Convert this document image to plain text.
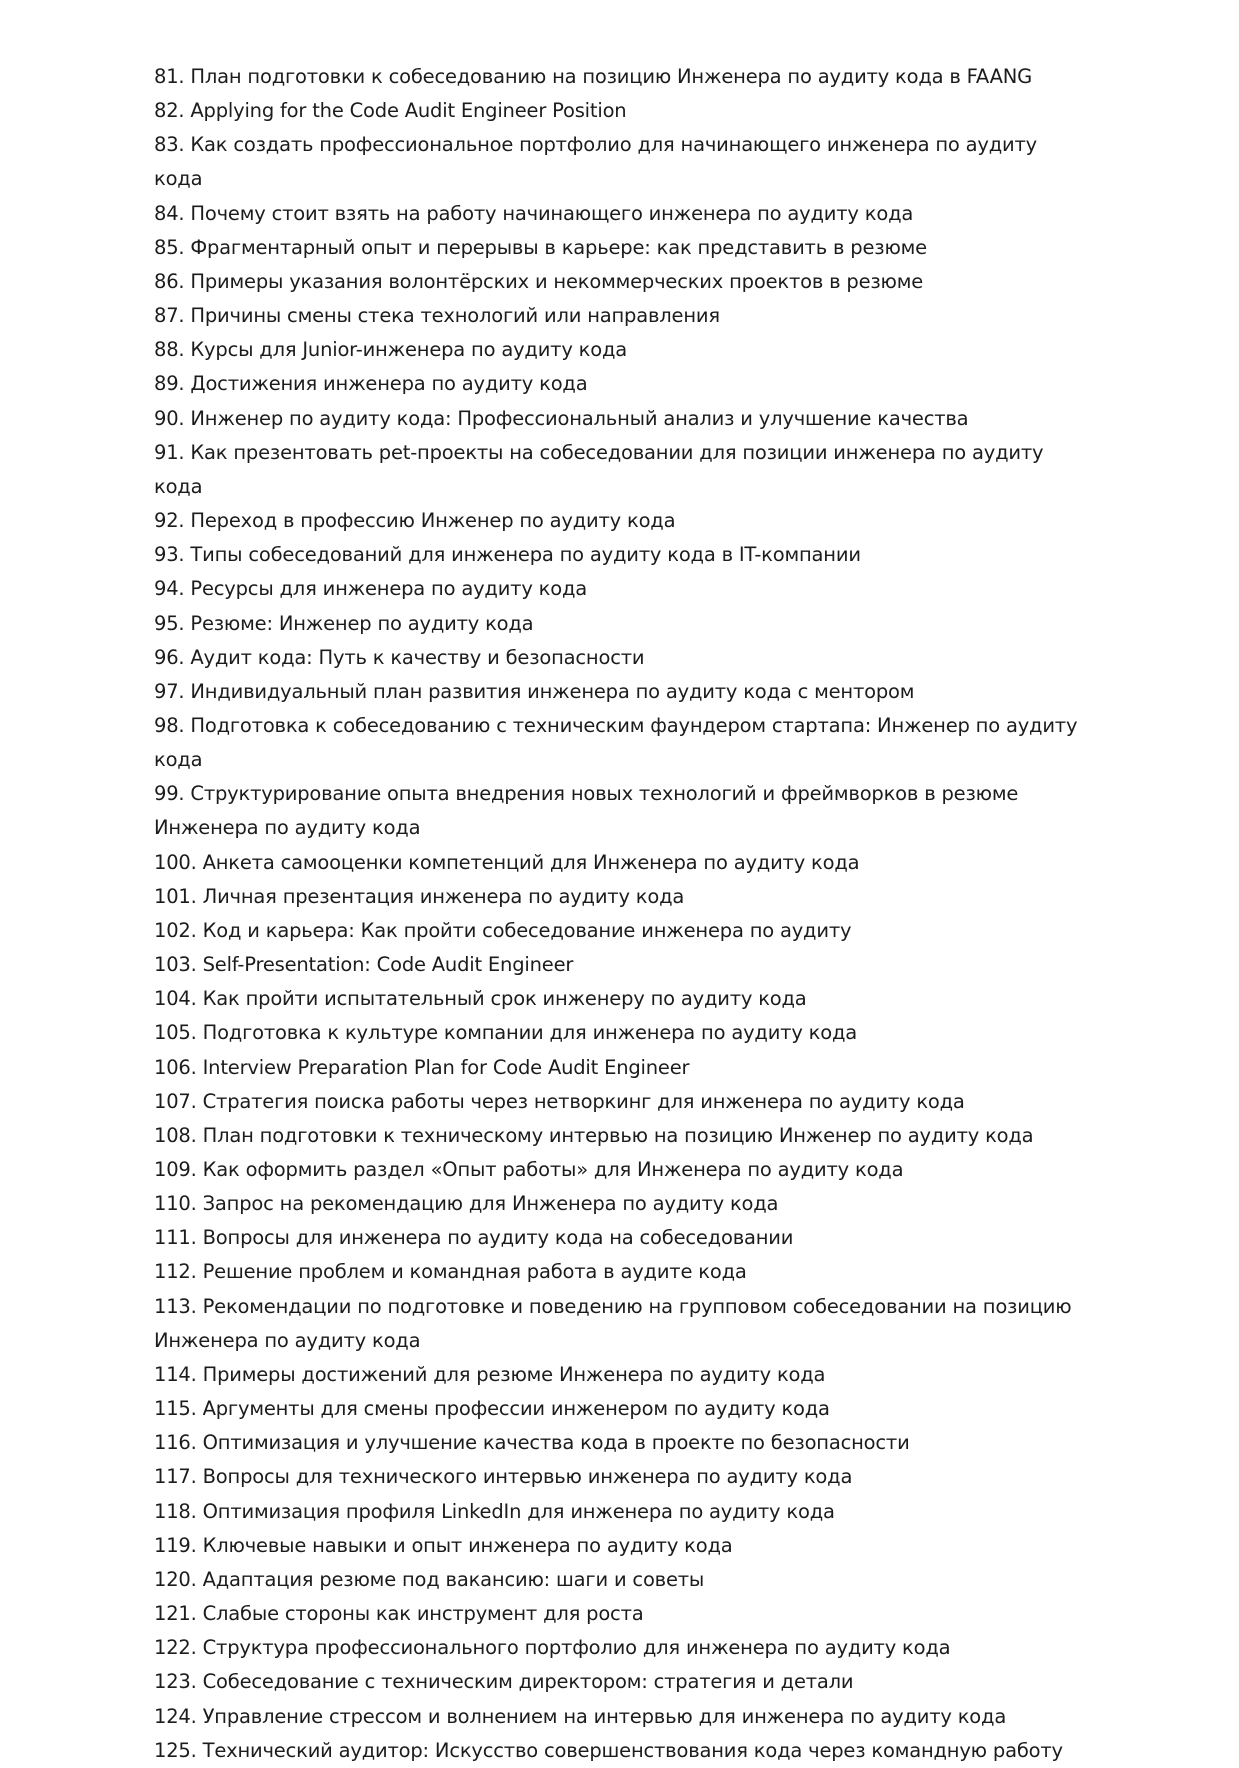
81. План подготовки к собеседованию на позицию Инженера по аудиту кода в FAANG
82. Applying for the Code Audit Engineer Position
83. Как создать профессиональное портфолио для начинающего инженера по аудиту кода
84. Почему стоит взять на работу начинающего инженера по аудиту кода
85. Фрагментарный опыт и перерывы в карьере: как представить в резюме
86. Примеры указания волонтёрских и некоммерческих проектов в резюме
87. Причины смены стека технологий или направления
88. Курсы для Junior-инженера по аудиту кода
89. Достижения инженера по аудиту кода
90. Инженер по аудиту кода: Профессиональный анализ и улучшение качества
91. Как презентовать pet-проекты на собеседовании для позиции инженера по аудиту кода
92. Переход в профессию Инженер по аудиту кода
93. Типы собеседований для инженера по аудиту кода в IT-компании
94. Ресурсы для инженера по аудиту кода
95. Резюме: Инженер по аудиту кода
96. Аудит кода: Путь к качеству и безопасности
97. Индивидуальный план развития инженера по аудиту кода с ментором
98. Подготовка к собеседованию с техническим фаундером стартапа: Инженер по аудиту кода
99. Структурирование опыта внедрения новых технологий и фреймворков в резюме Инженера по аудиту кода
100. Анкета самооценки компетенций для Инженера по аудиту кода
101. Личная презентация инженера по аудиту кода
102. Код и карьера: Как пройти собеседование инженера по аудиту
103. Self-Presentation: Code Audit Engineer
104. Как пройти испытательный срок инженеру по аудиту кода
105. Подготовка к культуре компании для инженера по аудиту кода
106. Interview Preparation Plan for Code Audit Engineer
107. Стратегия поиска работы через нетворкинг для инженера по аудиту кода
108. План подготовки к техническому интервью на позицию Инженер по аудиту кода
109. Как оформить раздел «Опыт работы» для Инженера по аудиту кода
110. Запрос на рекомендацию для Инженера по аудиту кода
111. Вопросы для инженера по аудиту кода на собеседовании
112. Решение проблем и командная работа в аудите кода
113. Рекомендации по подготовке и поведению на групповом собеседовании на позицию Инженера по аудиту кода
114. Примеры достижений для резюме Инженера по аудиту кода
115. Аргументы для смены профессии инженером по аудиту кода
116. Оптимизация и улучшение качества кода в проекте по безопасности
117. Вопросы для технического интервью инженера по аудиту кода
118. Оптимизация профиля LinkedIn для инженера по аудиту кода
119. Ключевые навыки и опыт инженера по аудиту кода
120. Адаптация резюме под вакансию: шаги и советы
121. Слабые стороны как инструмент для роста
122. Структура профессионального портфолио для инженера по аудиту кода
123. Собеседование с техническим директором: стратегия и детали
124. Управление стрессом и волнением на интервью для инженера по аудиту кода
125. Технический аудитор: Искусство совершенствования кода через командную работу
